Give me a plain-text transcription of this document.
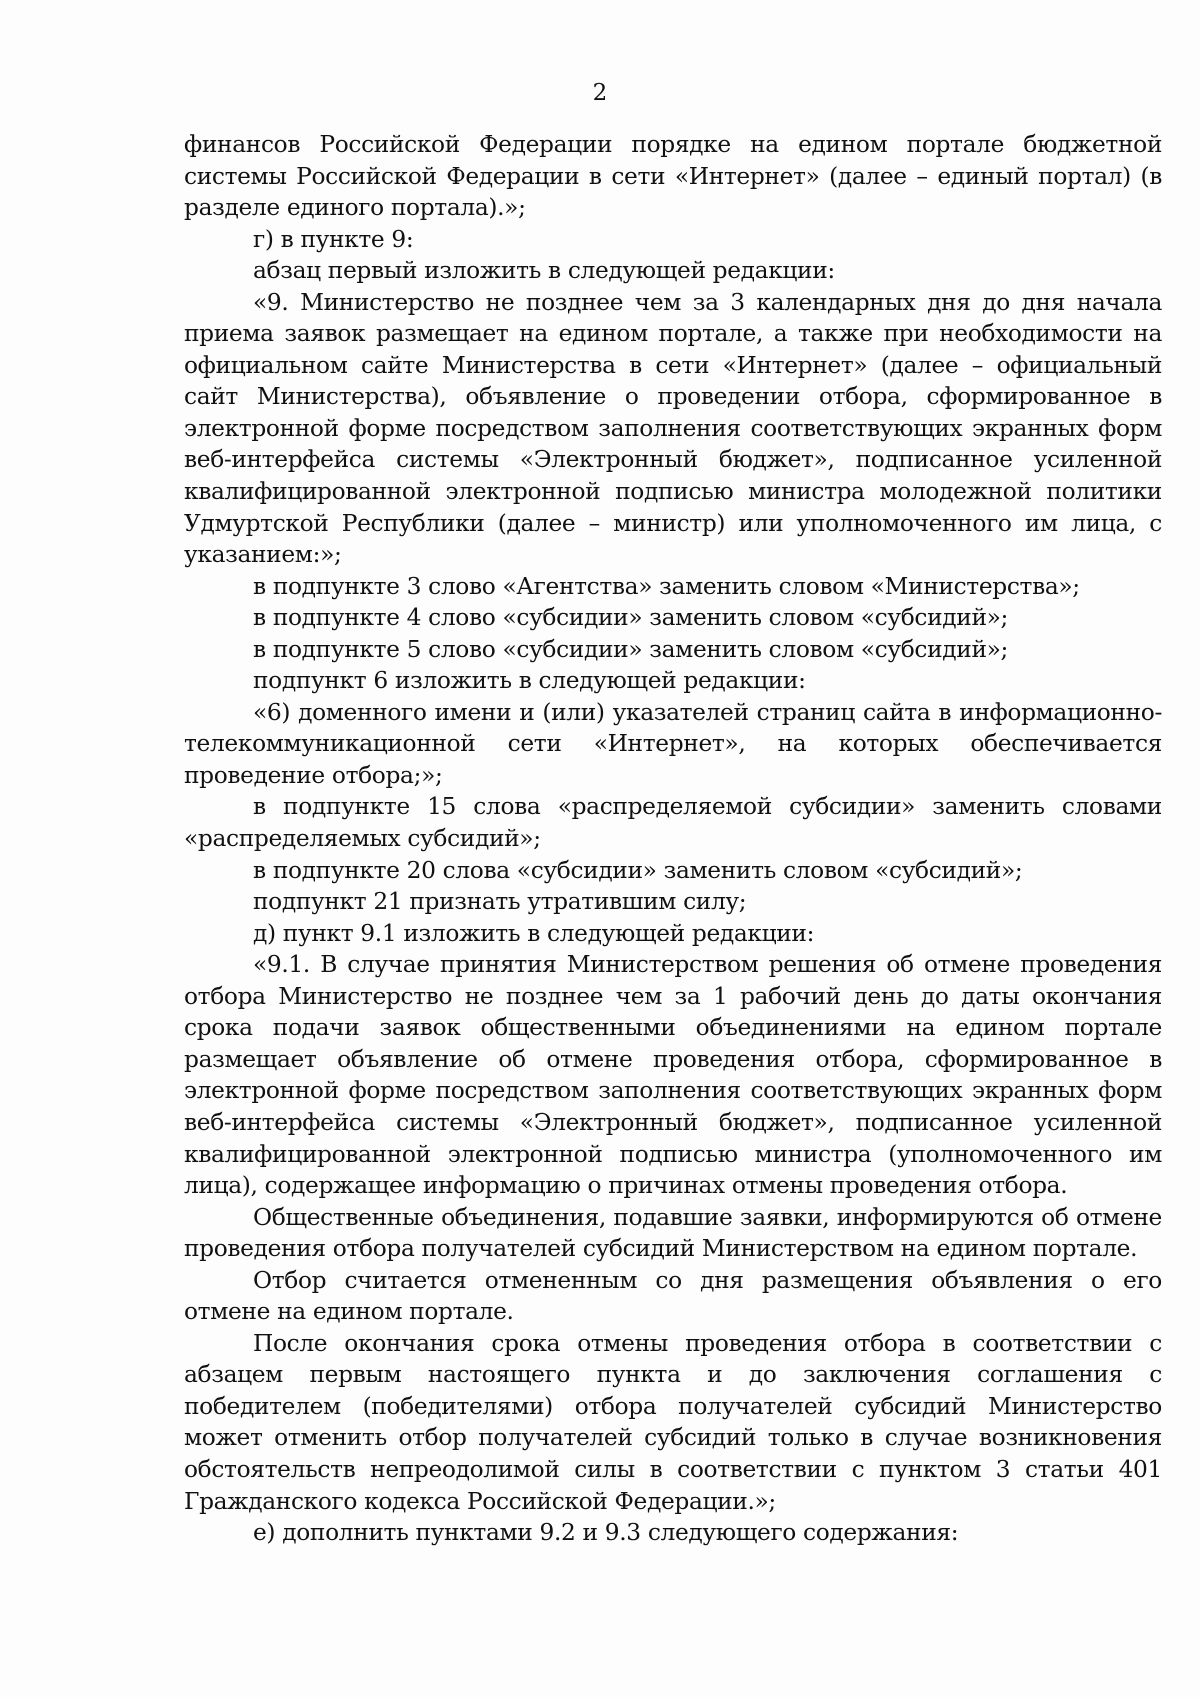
2

финансов Российской Федерации порядке на едином портале бюджетной системы Российской Федерации в сети «Интернет» (далее – единый портал) (в разделе единого портала).»;

г) в пункте 9:

абзац первый изложить в следующей редакции:

«9. Министерство не позднее чем за 3 календарных дня до дня начала приема заявок размещает на едином портале, а также при необходимости на официальном сайте Министерства в сети «Интернет» (далее – официальный сайт Министерства), объявление о проведении отбора, сформированное в электронной форме посредством заполнения соответствующих экранных форм веб-интерфейса системы «Электронный бюджет», подписанное усиленной квалифицированной электронной подписью министра молодежной политики Удмуртской Республики (далее – министр) или уполномоченного им лица, с указанием:»;

в подпункте 3 слово «Агентства» заменить словом «Министерства»;

в подпункте 4 слово «субсидии» заменить словом «субсидий»;

в подпункте 5 слово «субсидии» заменить словом «субсидий»;

подпункт 6 изложить в следующей редакции:

«6) доменного имени и (или) указателей страниц сайта в информационно-телекоммуникационной сети «Интернет», на которых обеспечивается проведение отбора;»;

в подпункте 15 слова «распределяемой субсидии» заменить словами «распределяемых субсидий»;

в подпункте 20 слова «субсидии» заменить словом «субсидий»;

подпункт 21 признать утратившим силу;

д) пункт 9.1 изложить в следующей редакции:

«9.1. В случае принятия Министерством решения об отмене проведения отбора Министерство не позднее чем за 1 рабочий день до даты окончания срока подачи заявок общественными объединениями на едином портале размещает объявление об отмене проведения отбора, сформированное в электронной форме посредством заполнения соответствующих экранных форм веб-интерфейса системы «Электронный бюджет», подписанное усиленной квалифицированной электронной подписью министра (уполномоченного им лица), содержащее информацию о причинах отмены проведения отбора.

Общественные объединения, подавшие заявки, информируются об отмене проведения отбора получателей субсидий Министерством на едином портале.

Отбор считается отмененным со дня размещения объявления о его отмене на едином портале.

После окончания срока отмены проведения отбора в соответствии с абзацем первым настоящего пункта и до заключения соглашения с победителем (победителями) отбора получателей субсидий Министерство может отменить отбор получателей субсидий только в случае возникновения обстоятельств непреодолимой силы в соответствии с пунктом 3 статьи 401 Гражданского кодекса Российской Федерации.»;

е) дополнить пунктами 9.2 и 9.3 следующего содержания:
